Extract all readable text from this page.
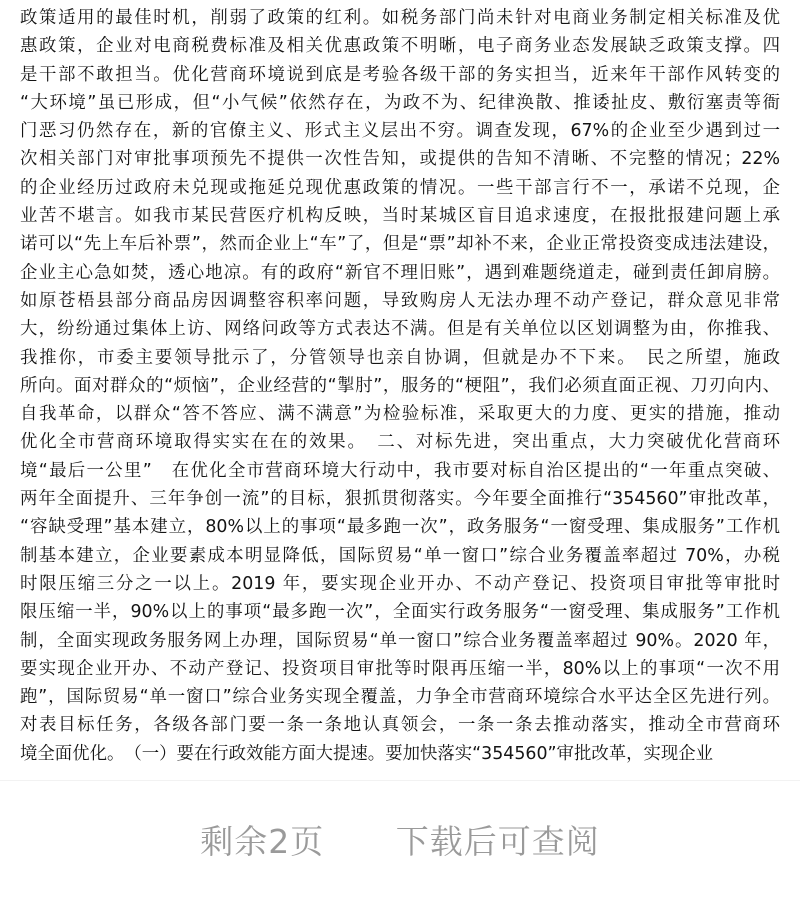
政策适用的最佳时机，削弱了政策的红利。如税务部门尚未针对电商业务制定相关标准及优
惠政策，企业对电商税费标准及相关优惠政策不明晰，电子商务业态发展缺乏政策支撑。四
是干部不敢担当。优化营商环境说到底是考验各级干部的务实担当，近来年干部作风转变的
“大环境”虽已形成，但“小气候”依然存在，为政不为、纪律涣散、推诿扯皮、敷衍塞责等衙
门恶习仍然存在，新的官僚主义、形式主义层出不穷。调查发现，67%的企业至少遇到过一
次相关部门对审批事项预先不提供一次性告知，或提供的告知不清晰、不完整的情况；22%
的企业经历过政府未兑现或拖延兑现优惠政策的情况。一些干部言行不一，承诺不兑现，企
业苦不堪言。如我市某民营医疗机构反映，当时某城区盲目追求速度，在报批报建问题上承
诺可以“先上车后补票”，然而企业上“车”了，但是“票”却补不来，企业正常投资变成违法建设，
企业主心急如焚，透心地凉。有的政府“新官不理旧账”，遇到难题绕道走，碰到责任卸肩膀。
如原苍梧县部分商品房因调整容积率问题，导致购房人无法办理不动产登记，群众意见非常
大，纷纷通过集体上访、网络问政等方式表达不满。但是有关单位以区划调整为由，你推我、
我推你，市委主要领导批示了，分管领导也亲自协调，但就是办不下来。　民之所望，施政
所向。面对群众的“烦恼”，企业经营的“掣肘”，服务的“梗阻”，我们必须直面正视、刀刃向内、
自我革命，以群众“答不答应、满不满意”为检验标准，采取更大的力度、更实的措施，推动
优化全市营商环境取得实实在在的效果。　二、对标先进，突出重点，大力突破优化营商环
境“最后一公里”　在优化全市营商环境大行动中，我市要对标自治区提出的“一年重点突破、
两年全面提升、三年争创一流”的目标，狠抓贯彻落实。今年要全面推行“354560”审批改革，
“容缺受理”基本建立，80%以上的事项“最多跑一次”，政务服务“一窗受理、集成服务”工作机
制基本建立，企业要素成本明显降低，国际贸易“单一窗口”综合业务覆盖率超过 70%，办税
时限压缩三分之一以上。2019 年，要实现企业开办、不动产登记、投资项目审批等审批时
限压缩一半，90%以上的事项“最多跑一次”，全面实行政务服务“一窗受理、集成服务”工作机
制，全面实现政务服务网上办理，国际贸易“单一窗口”综合业务覆盖率超过 90%。2020 年，
要实现企业开办、不动产登记、投资项目审批等时限再压缩一半，80%以上的事项“一次不用
跑”，国际贸易“单一窗口”综合业务实现全覆盖，力争全市营商环境综合水平达全区先进行列。
对表目标任务，各级各部门要一条一条地认真领会，一条一条去推动落实，推动全市营商环
境全面优化。　（一）要在行政效能方面大提速。要加快落实“354560”审批改革，实现企业
剩余2页 下载后可查阅
